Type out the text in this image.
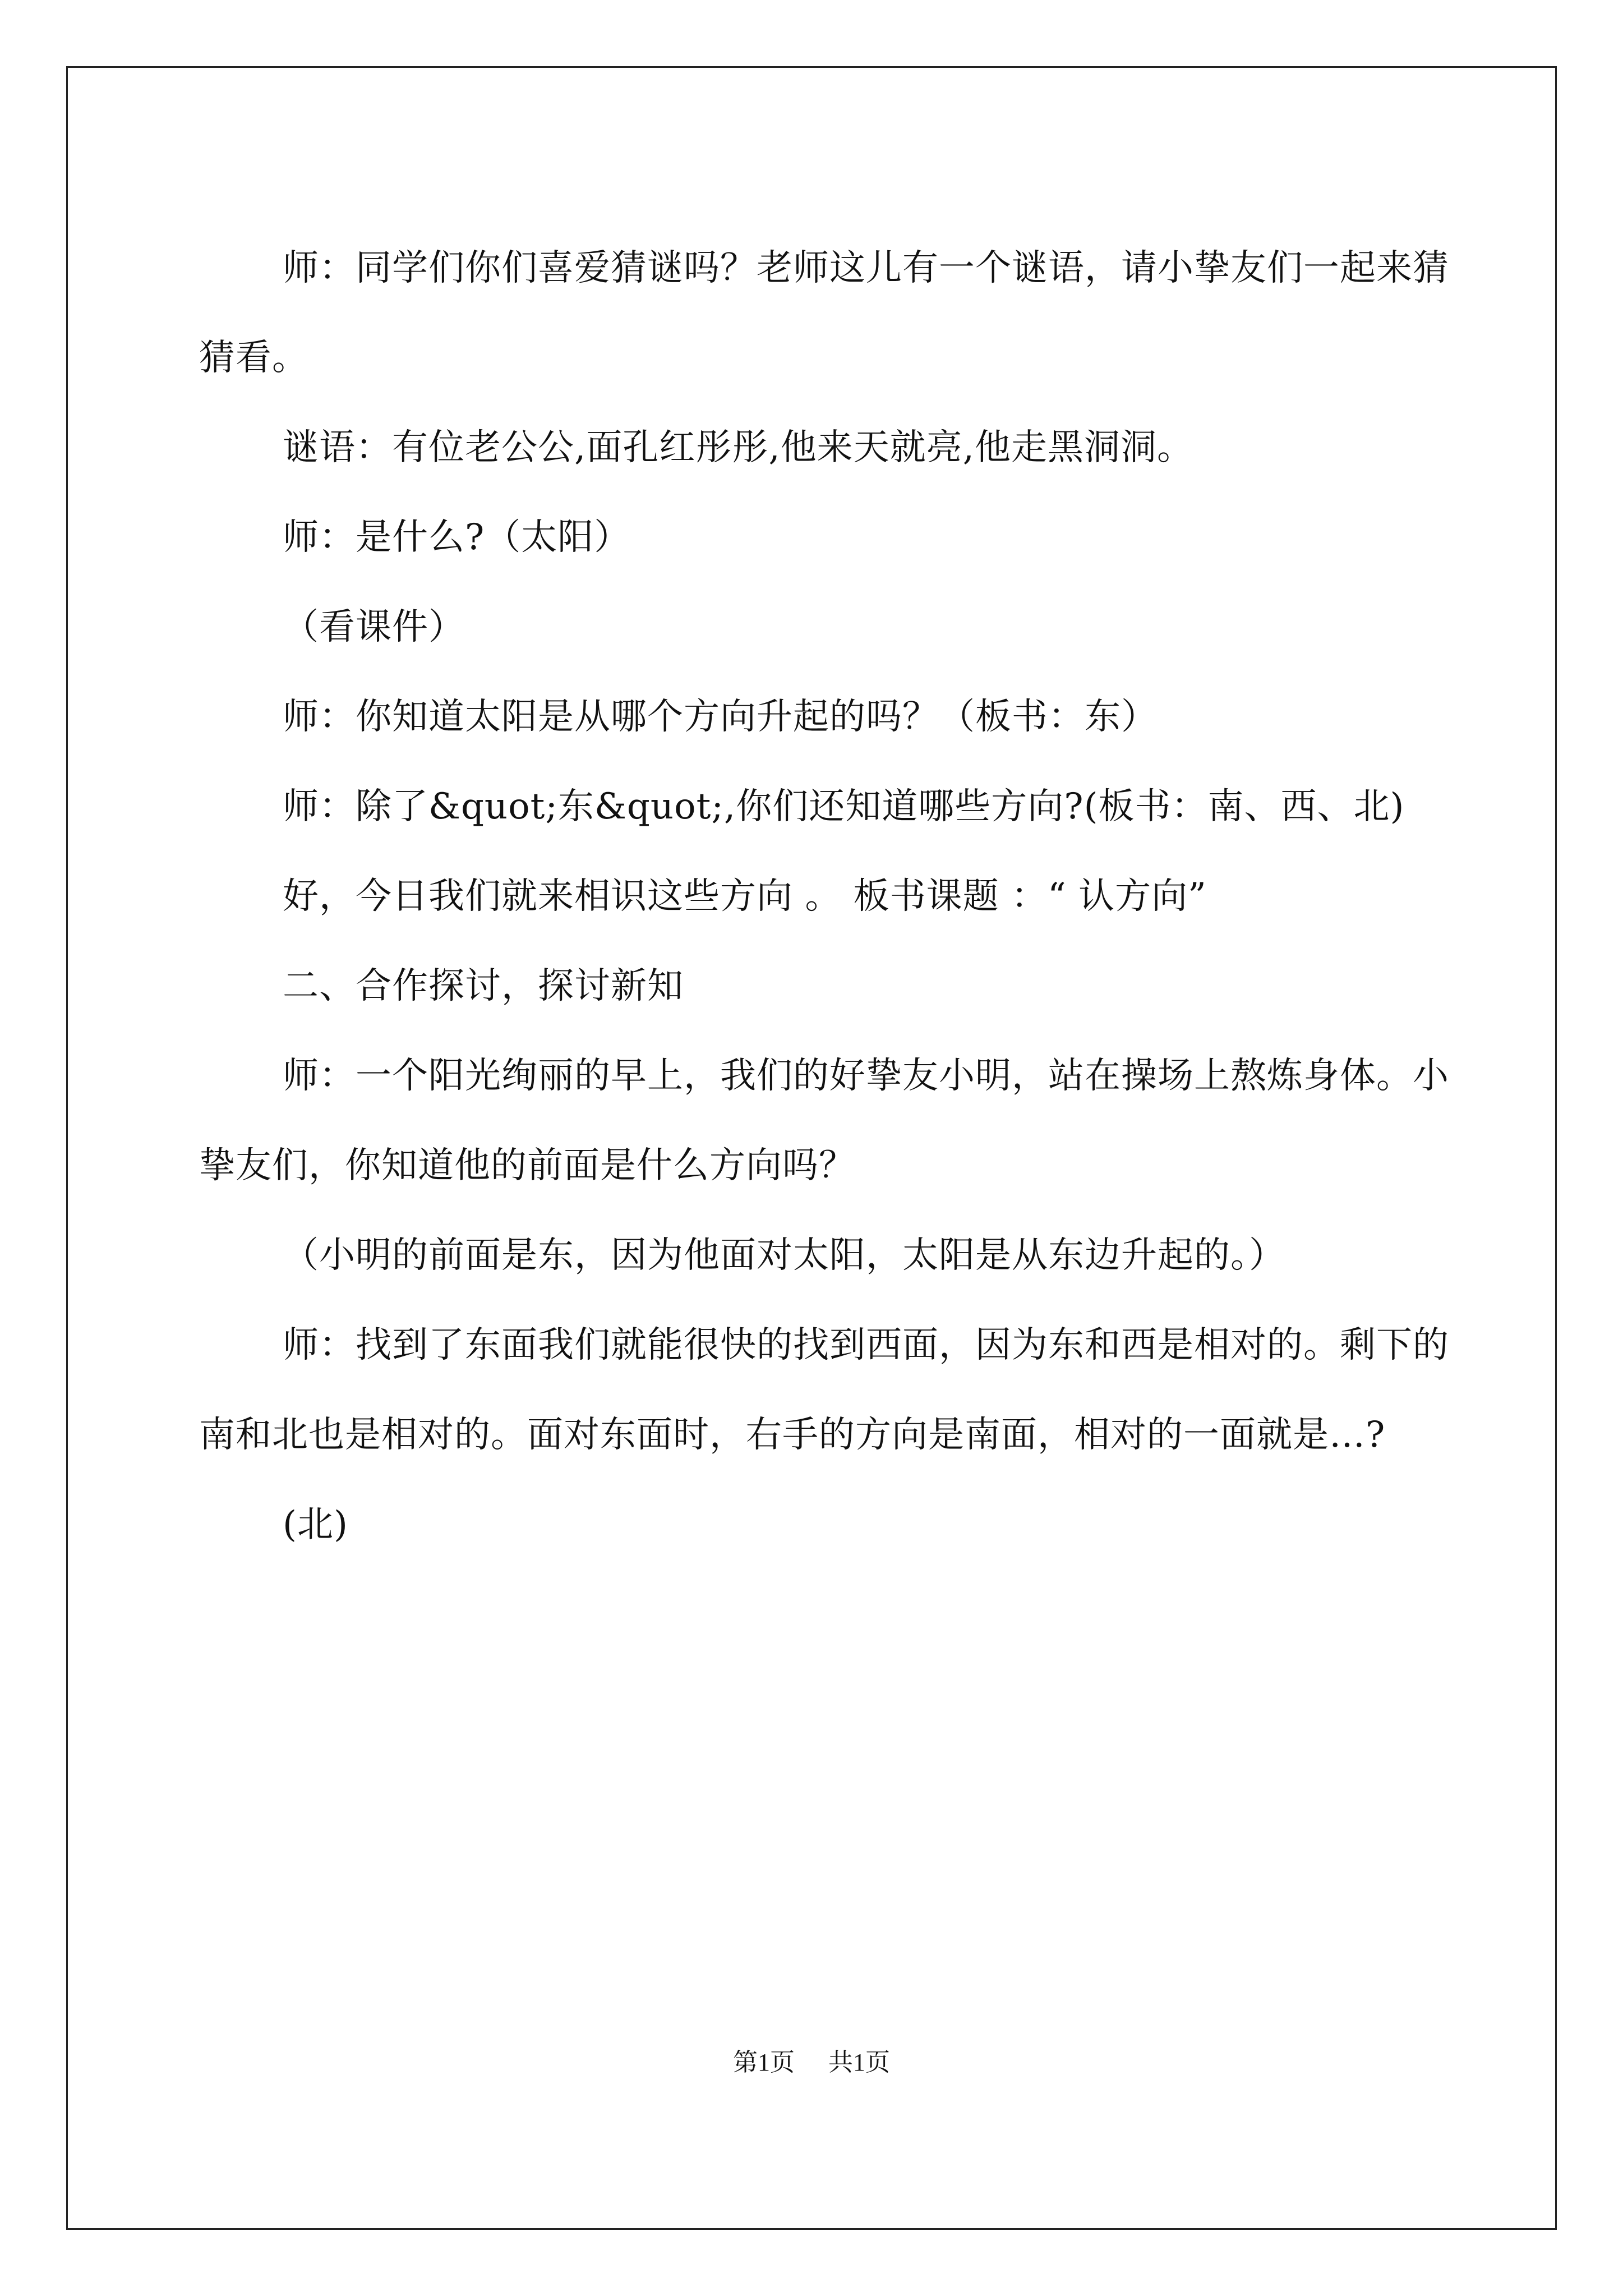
师：同学们你们喜爱猜谜吗？老师这儿有一个谜语，请小挚友们一起来猜猜看。

谜语：有位老公公,面孔红彤彤,他来天就亮,他走黑洞洞。

师：是什么?（太阳）

（看课件）

师：你知道太阳是从哪个方向升起的吗？（板书：东）

师：除了&quot;东&quot;,你们还知道哪些方向?(板书：南、西、北)

好，今日我们就来相识这些方向 。 板书课题 ：“ 认方向”

二、合作探讨，探讨新知

师：一个阳光绚丽的早上，我们的好挚友小明，站在操场上熬炼身体。小挚友们，你知道他的前面是什么方向吗？

（小明的前面是东，因为他面对太阳，太阳是从东边升起的。）

师：找到了东面我们就能很快的找到西面，因为东和西是相对的。剩下的南和北也是相对的。面对东面时，右手的方向是南面，相对的一面就是…?

(北)

第1页 共1页
